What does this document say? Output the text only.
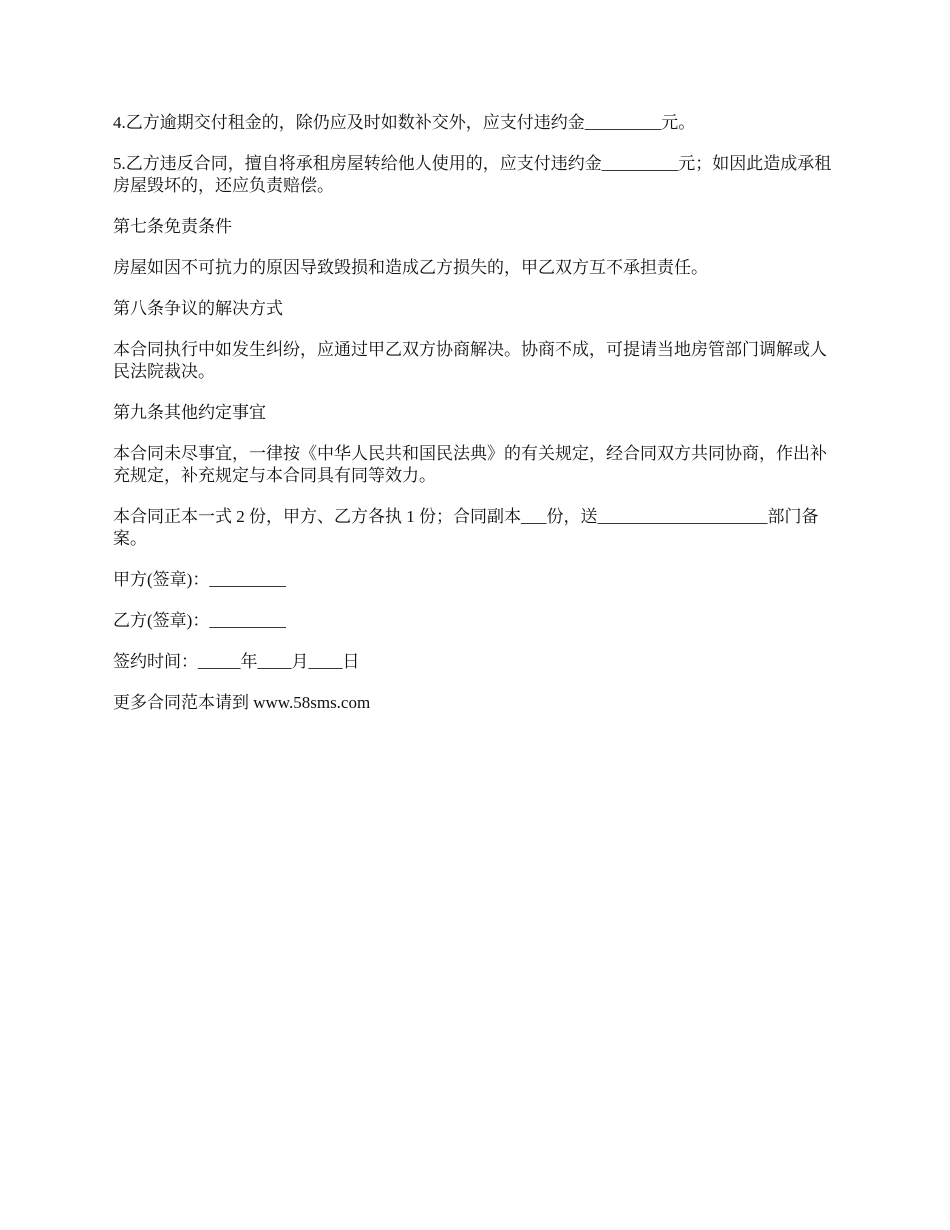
4.乙方逾期交付租金的，除仍应及时如数补交外，应支付违约金_________元。

5.乙方违反合同，擅自将承租房屋转给他人使用的，应支付违约金_________元；如因此造成承租房屋毁坏的，还应负责赔偿。

第七条免责条件

房屋如因不可抗力的原因导致毁损和造成乙方损失的，甲乙双方互不承担责任。

第八条争议的解决方式

本合同执行中如发生纠纷，应通过甲乙双方协商解决。协商不成，可提请当地房管部门调解或人民法院裁决。

第九条其他约定事宜

本合同未尽事宜，一律按《中华人民共和国民法典》的有关规定，经合同双方共同协商，作出补充规定，补充规定与本合同具有同等效力。

本合同正本一式 2 份，甲方、乙方各执 1 份；合同副本___份，送____________________部门备案。

甲方(签章)：_________

乙方(签章)：_________

签约时间：_____年____月____日

更多合同范本请到 www.58sms.com
